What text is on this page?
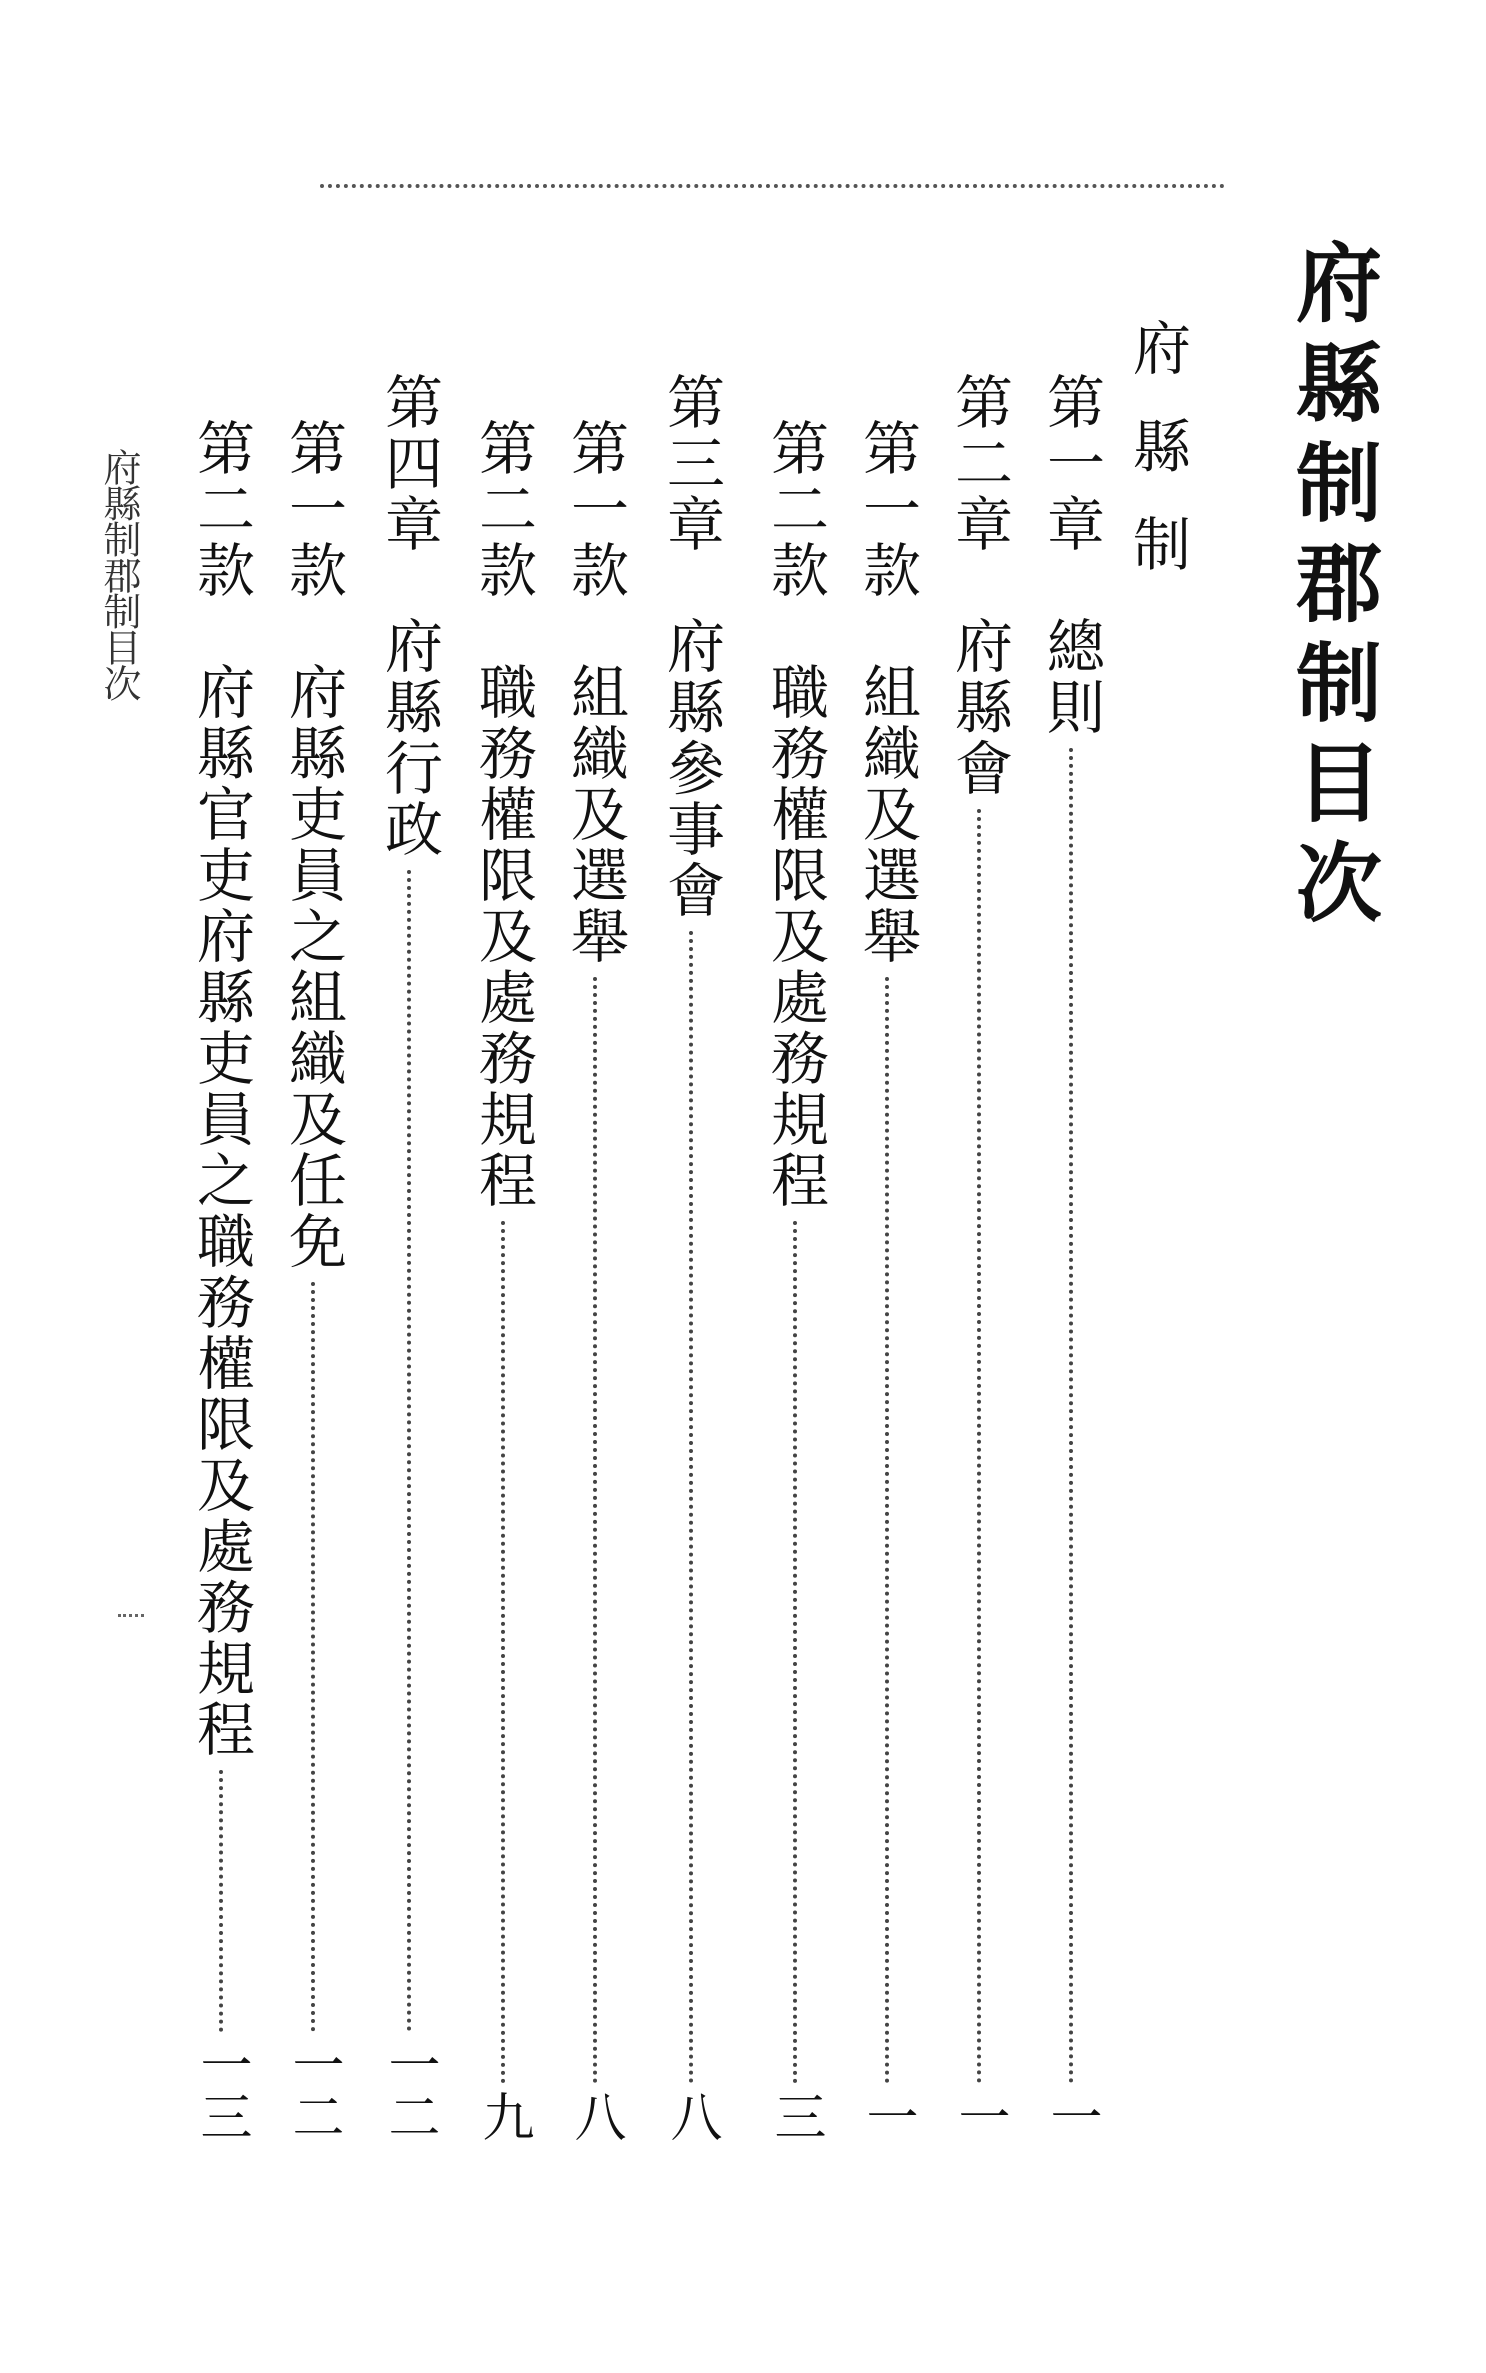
府縣制郡制目次
府縣制
第一章　總則
一
第二章　府縣會
一
第一款　組織及選舉
一
第二款　職務權限及處務規程
三
第三章　府縣參事會
八
第一款　組織及選舉
八
第二款　職務權限及處務規程
九
第四章　府縣行政
一二
第一款　府縣吏員之組織及任免
一二
第二款　府縣官吏府縣吏員之職務權限及處務規程
一三
府縣制郡制目次
